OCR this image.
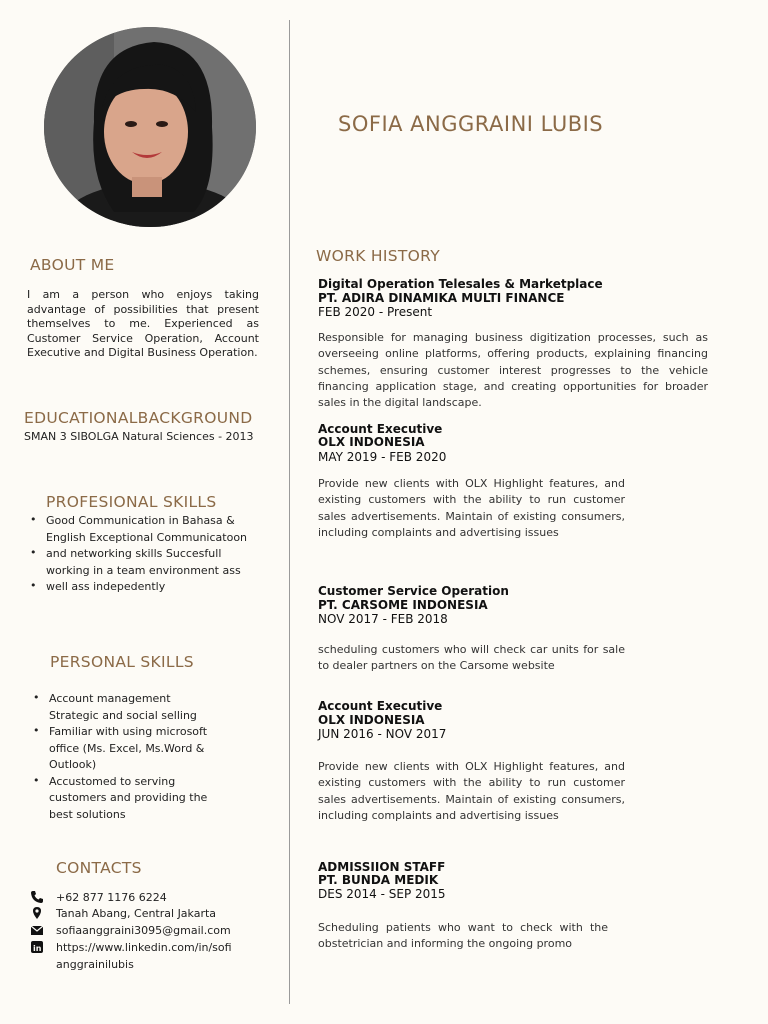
SOFIA ANGGRAINI LUBIS
ABOUT ME
I am a person who enjoys taking advantage of possibilities that present themselves to me. Experienced as Customer Service Operation, Account Executive and Digital Business Operation.
EDUCATIONALBACKGROUND
SMAN 3 SIBOLGA Natural Sciences - 2013
PROFESIONAL SKILLS
• Good Communication in Bahasa & English Exceptional Communicatoon
• and networking skills Succesfull working in a team environment ass
• well ass indepedently
PERSONAL SKILLS
• Account management Strategic and social selling
• Familiar with using microsoft office (Ms. Excel, Ms.Word & Outlook)
• Accustomed to serving customers and providing the best solutions
CONTACTS
+62 877 1176 6224
Tanah Abang, Central Jakarta
sofiaanggraini3095@gmail.com
in https://www.linkedin.com/in/sofianggrainilubis
WORK HISTORY
Digital Operation Telesales & Marketplace
PT. ADIRA DINAMIKA MULTI FINANCE
FEB 2020 - Present
Responsible for managing business digitization processes, such as overseeing online platforms, offering products, explaining financing schemes, ensuring customer interest progresses to the vehicle financing application stage, and creating opportunities for broader sales in the digital landscape.
Account Executive
OLX INDONESIA
MAY 2019 - FEB 2020
Provide new clients with OLX Highlight features, and existing customers with the ability to run customer sales advertisements. Maintain of existing consumers, including complaints and advertising issues
Customer Service Operation
PT. CARSOME INDONESIA
NOV 2017 - FEB 2018
scheduling customers who will check car units for sale to dealer partners on the Carsome website
Account Executive
OLX INDONESIA
JUN 2016 - NOV 2017
Provide new clients with OLX Highlight features, and existing customers with the ability to run customer sales advertisements. Maintain of existing consumers, including complaints and advertising issues
ADMISSIION STAFF
PT. BUNDA MEDIK
DES 2014 - SEP 2015
Scheduling patients who want to check with the obstetrician and informing the ongoing promo
